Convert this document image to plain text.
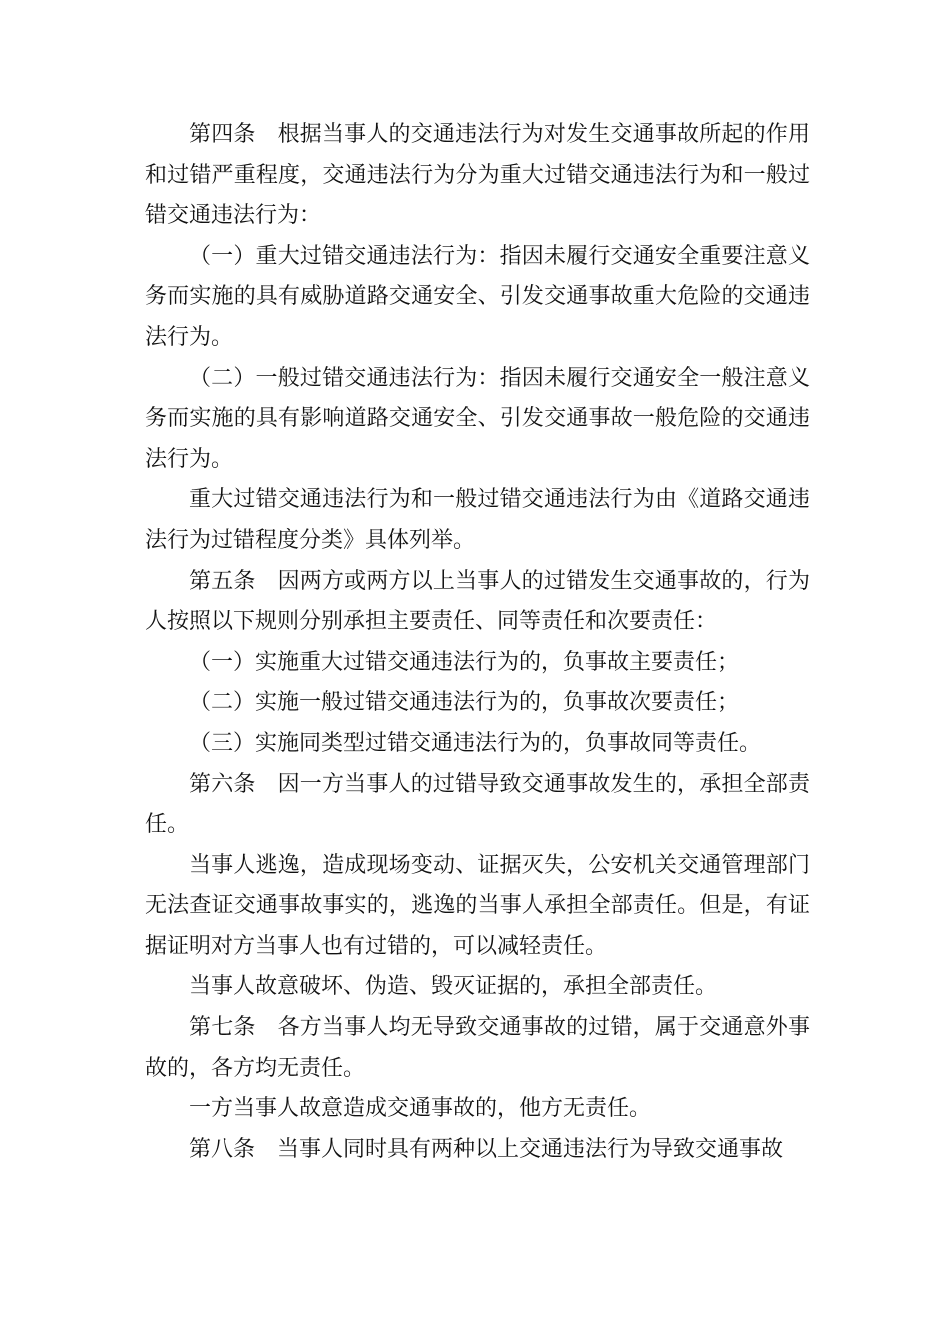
第四条 根据当事人的交通违法行为对发生交通事故所起的作用和过错严重程度，交通违法行为分为重大过错交通违法行为和一般过错交通违法行为：

（一）重大过错交通违法行为：指因未履行交通安全重要注意义务而实施的具有威胁道路交通安全、引发交通事故重大危险的交通违法行为。

（二）一般过错交通违法行为：指因未履行交通安全一般注意义务而实施的具有影响道路交通安全、引发交通事故一般危险的交通违法行为。

重大过错交通违法行为和一般过错交通违法行为由《道路交通违法行为过错程度分类》具体列举。

第五条 因两方或两方以上当事人的过错发生交通事故的，行为人按照以下规则分别承担主要责任、同等责任和次要责任：

（一）实施重大过错交通违法行为的，负事故主要责任；

（二）实施一般过错交通违法行为的，负事故次要责任；

（三）实施同类型过错交通违法行为的，负事故同等责任。

第六条 因一方当事人的过错导致交通事故发生的，承担全部责任。

当事人逃逸，造成现场变动、证据灭失，公安机关交通管理部门无法查证交通事故事实的，逃逸的当事人承担全部责任。但是，有证据证明对方当事人也有过错的，可以减轻责任。

当事人故意破坏、伪造、毁灭证据的，承担全部责任。

第七条 各方当事人均无导致交通事故的过错，属于交通意外事故的，各方均无责任。

一方当事人故意造成交通事故的，他方无责任。

第八条 当事人同时具有两种以上交通违法行为导致交通事故
